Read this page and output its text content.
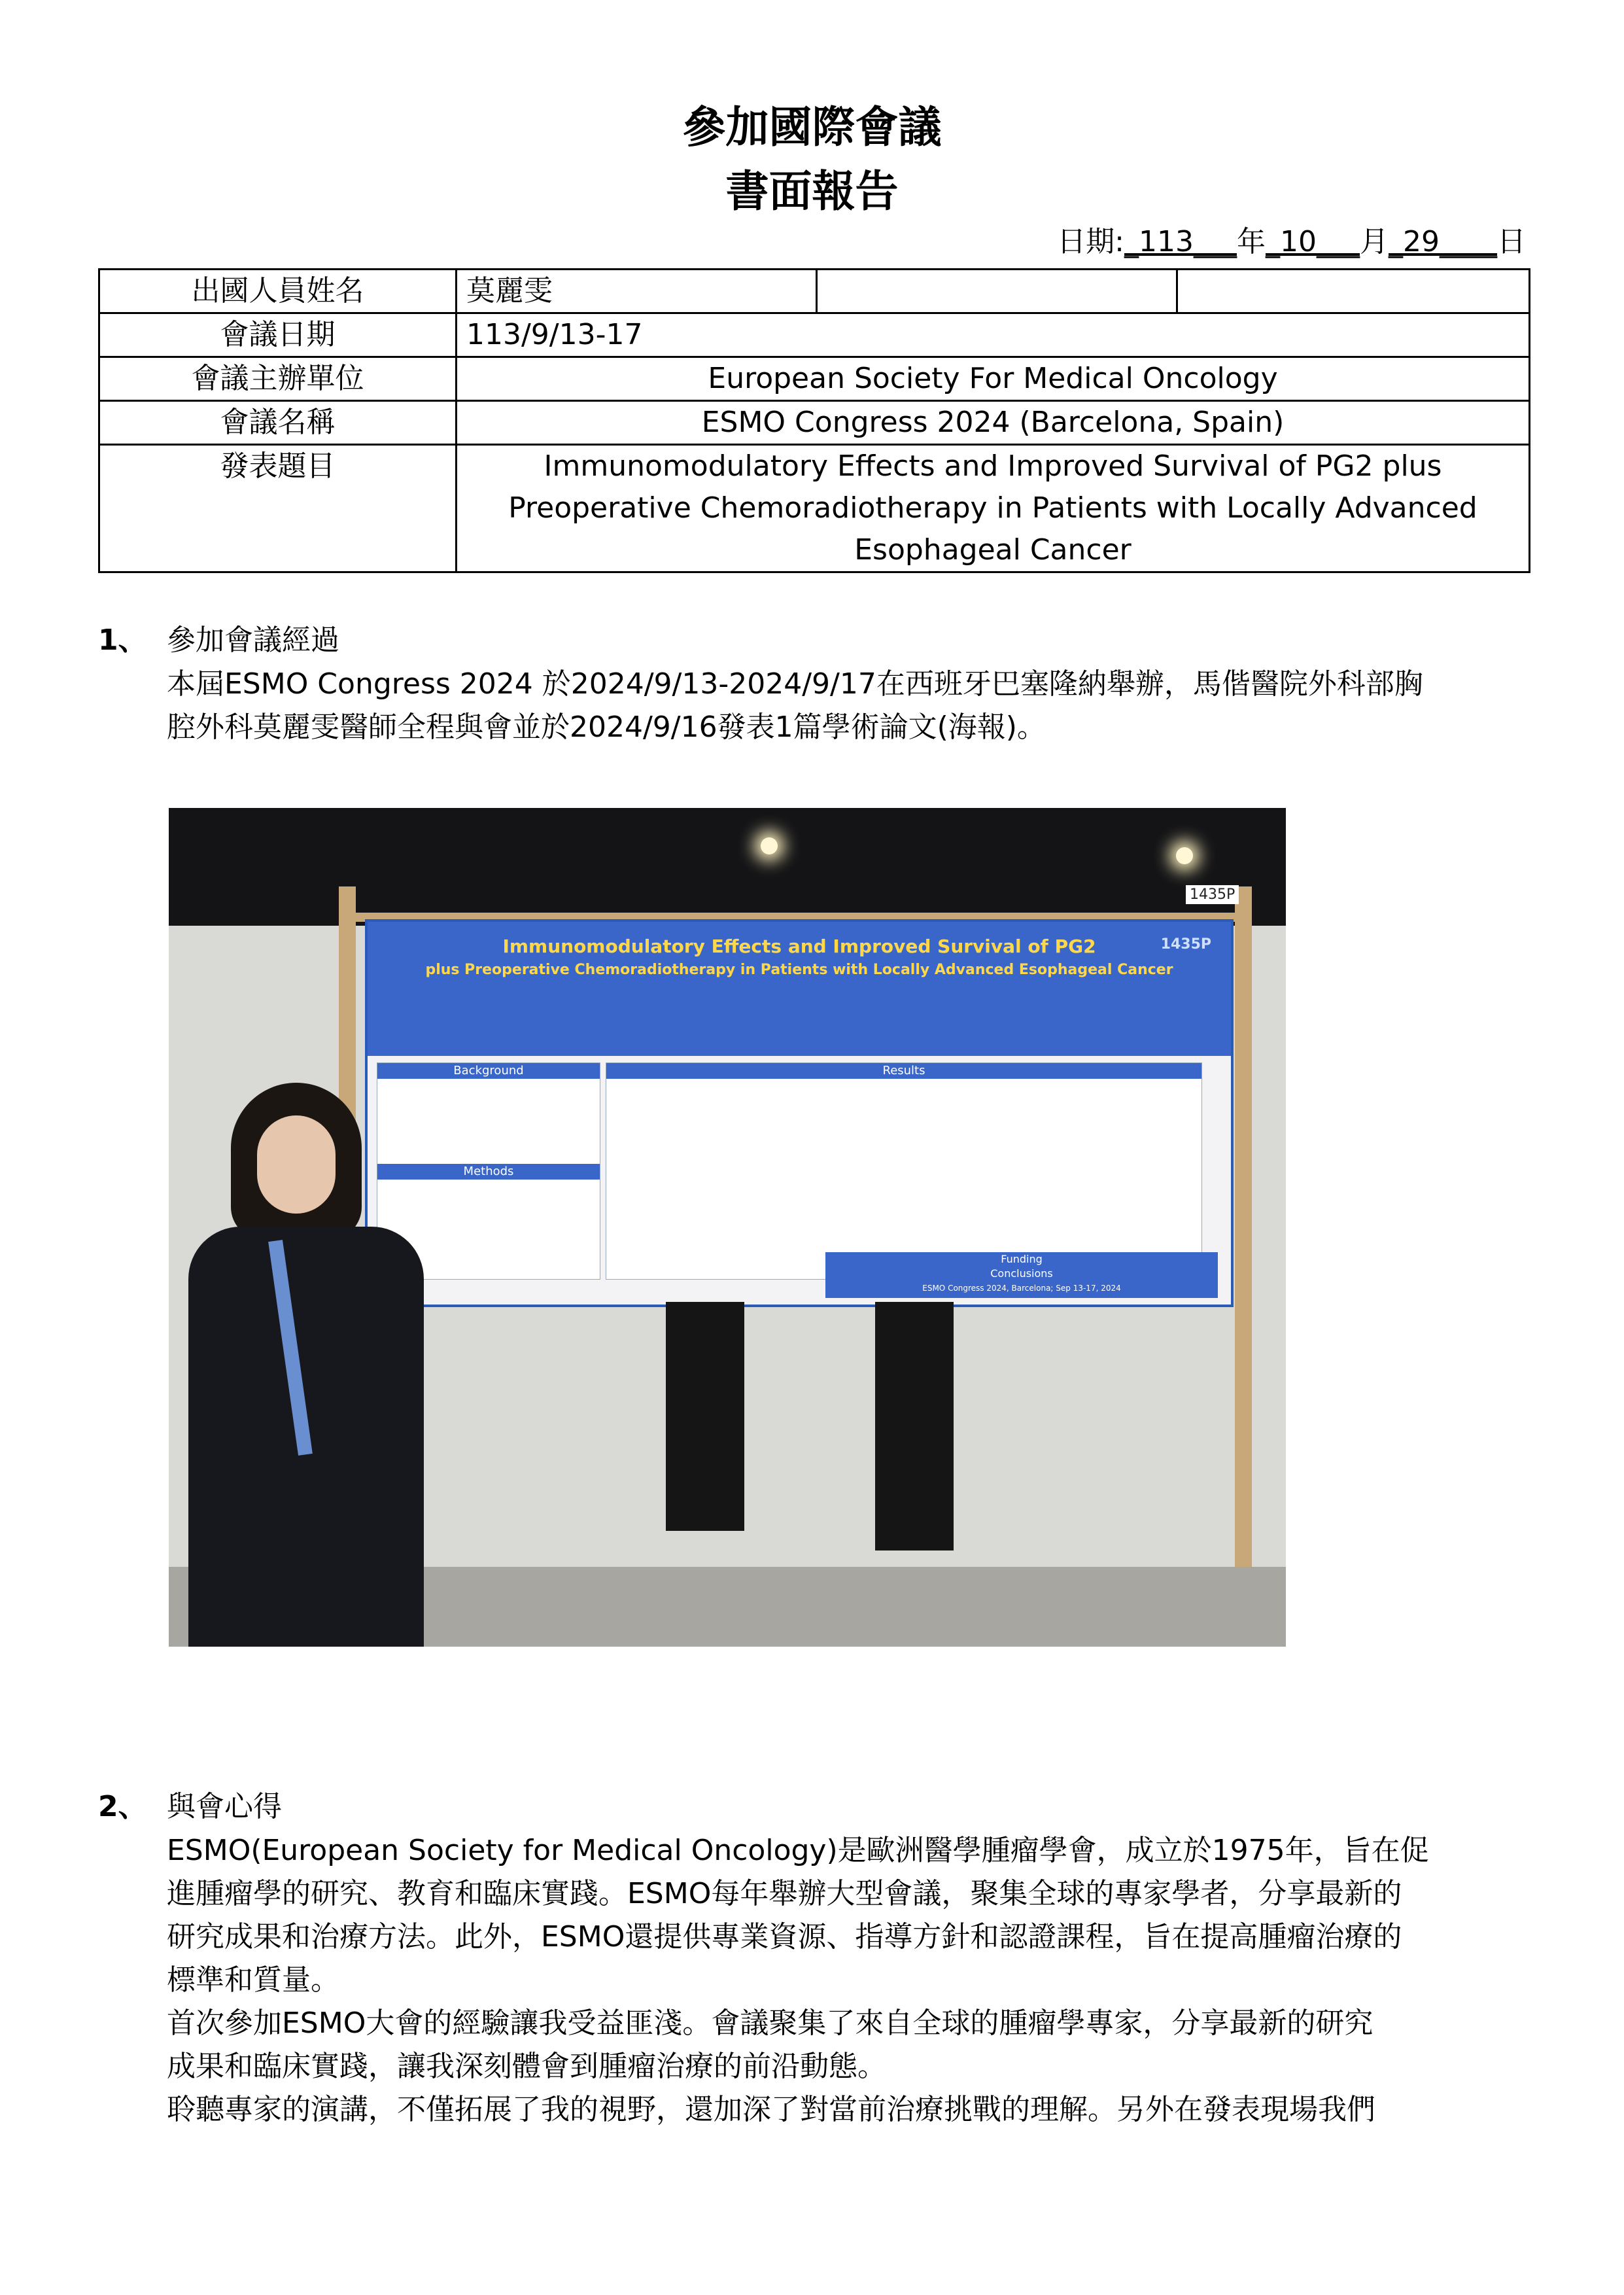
參加國際會議
書面報告
日期:_113___年_10___月_29____日
出國人員姓名	莫麗雯		
會議日期	113/9/13-17		
會議主辦單位	European Society For Medical Oncology		
會議名稱	ESMO Congress 2024 (Barcelona, Spain)		
發表題目	Immunomodulatory Effects and Improved Survival of PG2 plus
Preoperative Chemoradiotherapy in Patients with Locally Advanced
Esophageal Cancer		
1、 參加會議經過
本屆ESMO Congress 2024 於2024/9/13-2024/9/17在西班牙巴塞隆納舉辦，馬偕醫院外科部胸
腔外科莫麗雯醫師全程與會並於2024/9/16發表1篇學術論文(海報)。
1435P
Immunomodulatory Effects and Improved Survival of PG2
plus Preoperative Chemoradiotherapy in Patients with Locally Advanced Esophageal Cancer
1435P
Background
Methods
Results
Funding
Conclusions
ESMO Congress 2024, Barcelona; Sep 13-17, 2024
2、 與會心得
ESMO(European Society for Medical Oncology)是歐洲醫學腫瘤學會，成立於1975年，旨在促
進腫瘤學的研究、教育和臨床實踐。ESMO每年舉辦大型會議，聚集全球的專家學者，分享最新的
研究成果和治療方法。此外，ESMO還提供專業資源、指導方針和認證課程，旨在提高腫瘤治療的
標準和質量。
首次參加ESMO大會的經驗讓我受益匪淺。會議聚集了來自全球的腫瘤學專家，分享最新的研究
成果和臨床實踐，讓我深刻體會到腫瘤治療的前沿動態。
聆聽專家的演講，不僅拓展了我的視野，還加深了對當前治療挑戰的理解。另外在發表現場我們
